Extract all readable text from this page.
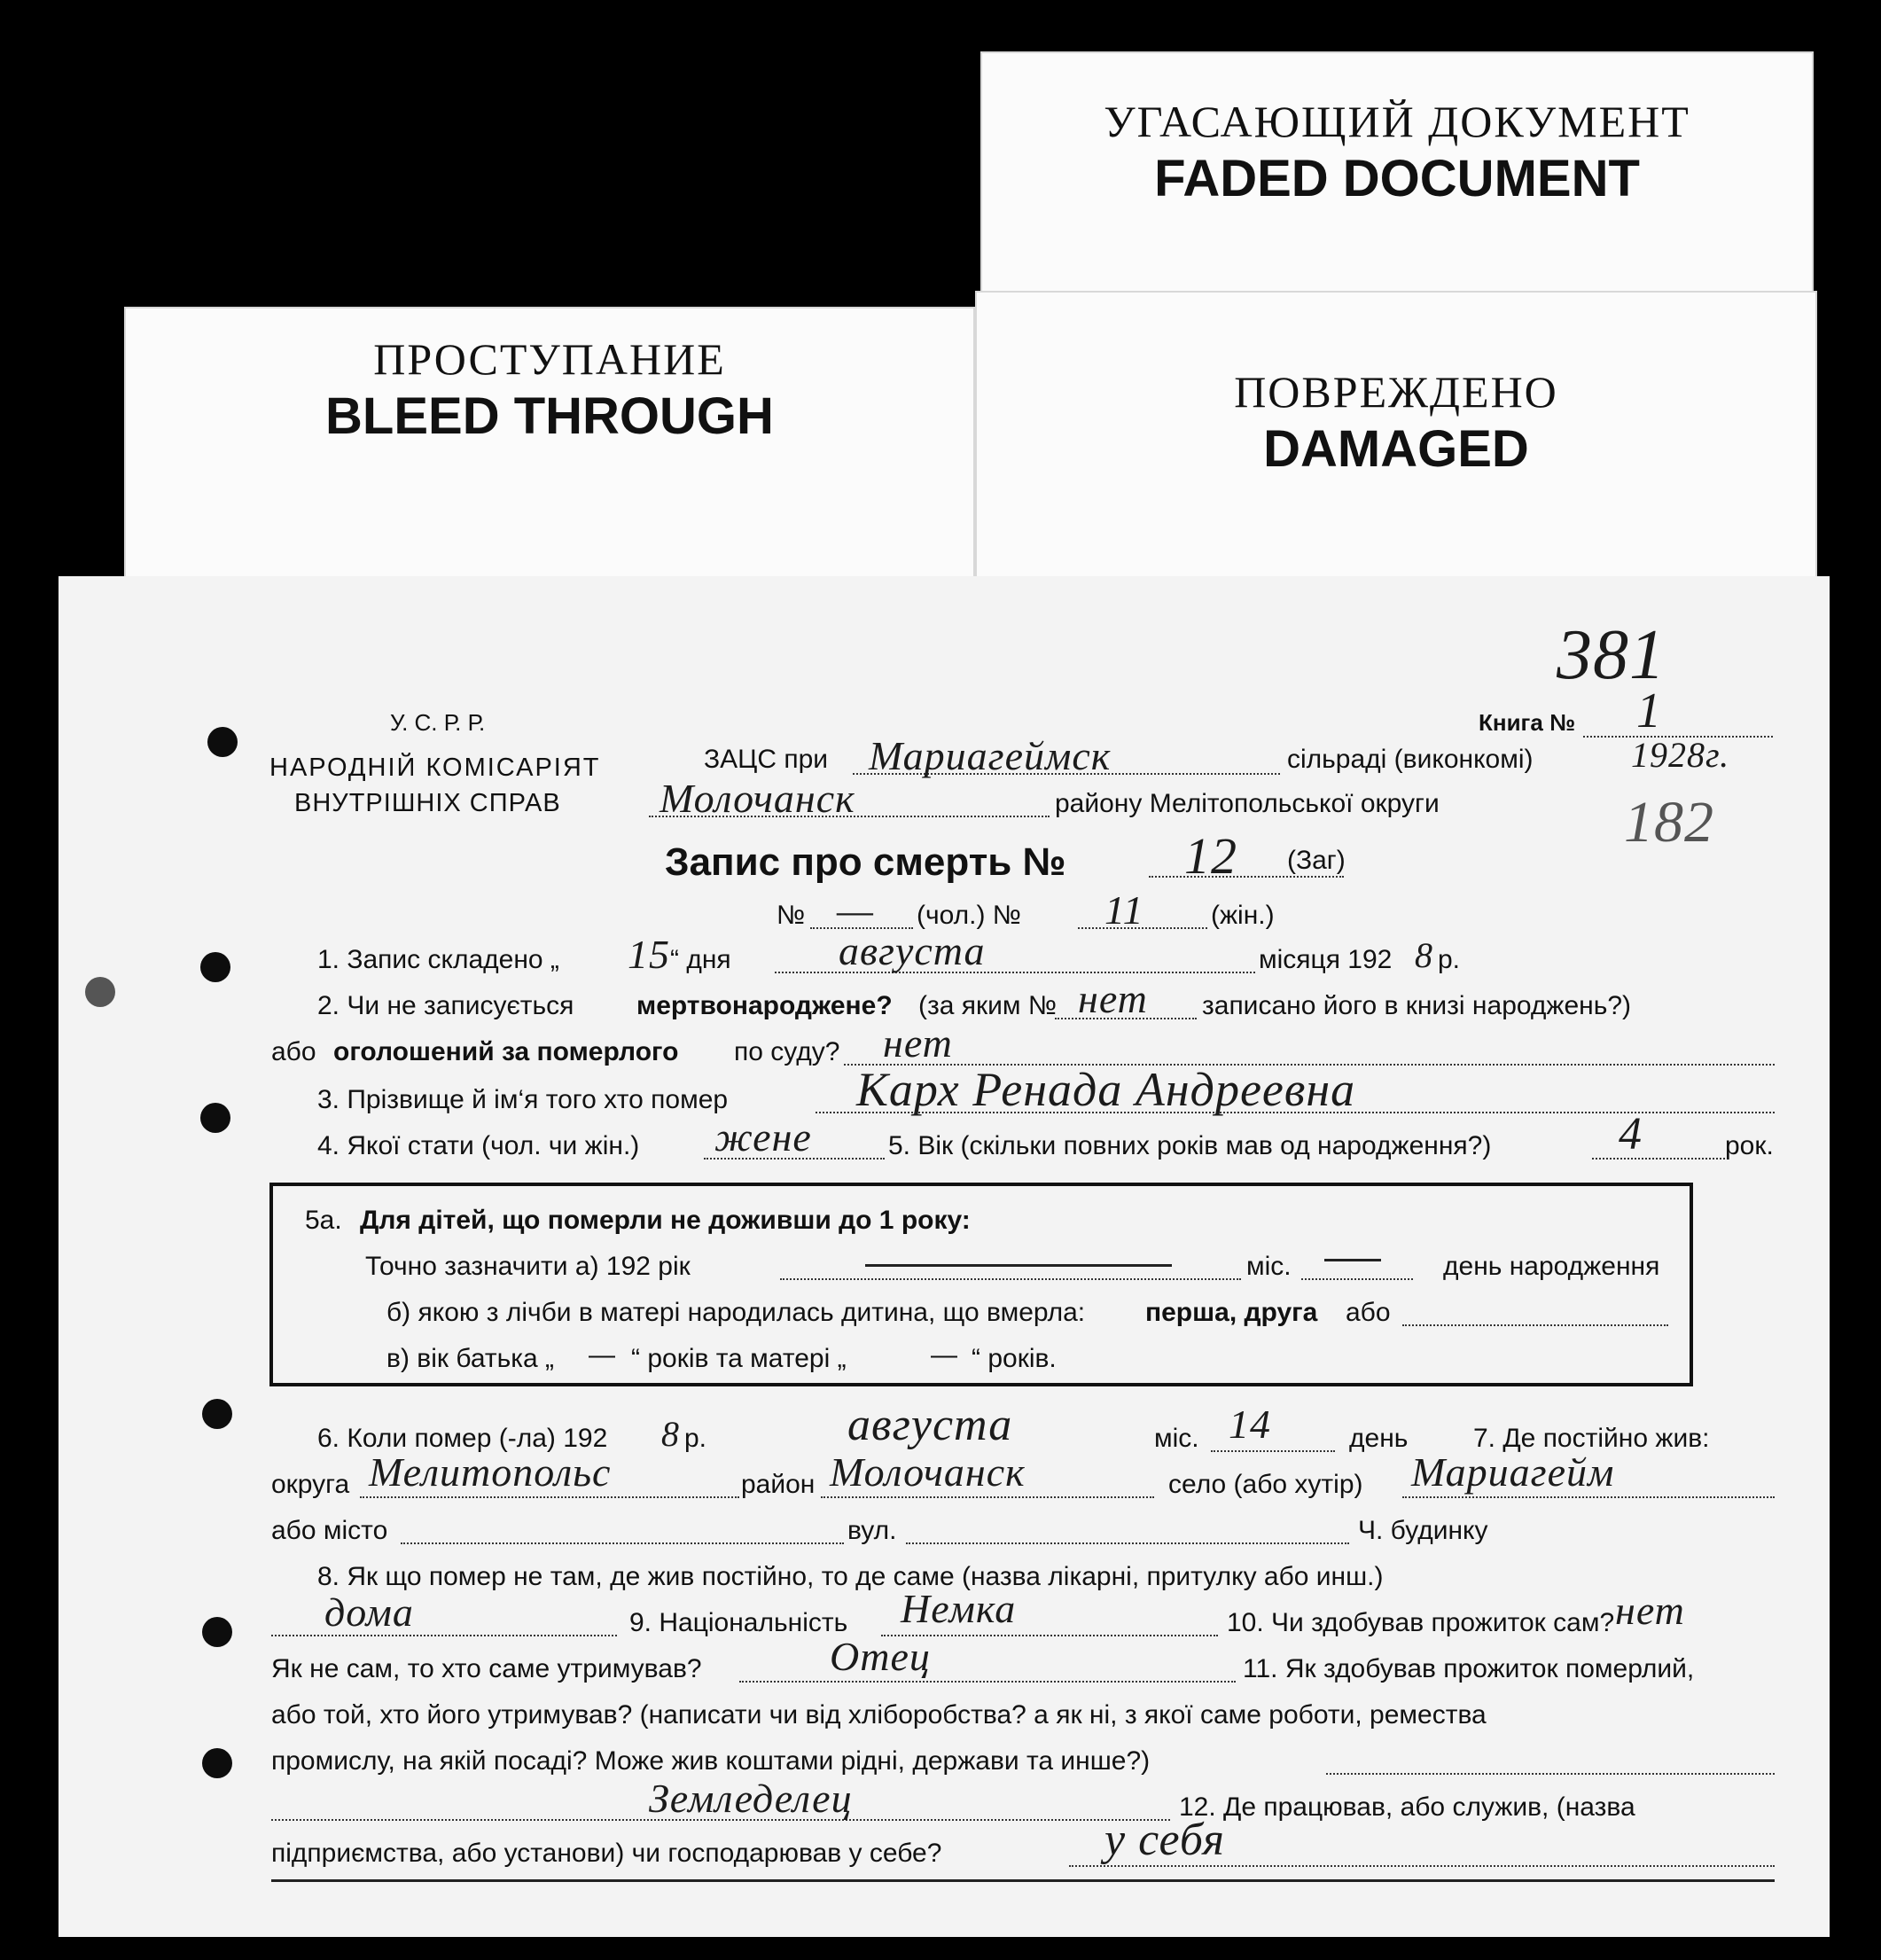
УГАСАЮЩИЙ ДОКУМЕНТ
FADED DOCUMENT
ПОВРЕЖДЕНО
DAMAGED
ПРОСТУПАНИЕ
BLEED THROUGH
У. С. Р. Р.
НАРОДНІЙ КОМІСАРІЯТ
ВНУТРІШНІХ СПРАВ
381
Книга № 1
1928г.
182
ЗАЦС при Мариагеймск	сільраді (виконкомі)
Молочанск	району Мелітопольської округи
Запис про смерть № 12 (Заг)
№ — (чол.) № 11	(жін.)
1. Запис складено „ 15 “ дня	августа	місяця 192 8 р.
2. Чи не записується мертвонароджене? (за яким № нет записано його в книзі народжень?)
або оголошений за померлого по суду? нет
3. Прізвище й ім‘я того хто помер	Карх Ренада Андреевна
4. Якої стати (чол. чи жін.) жене	5. Вік (скільки повних років мав од народження?)	4	рок.
5а. Для дітей, що померли не доживши до 1 року:
Точно зазначити а) 192 рік	міс.	день народження
б) якою з лічби в матері народилась дитина, що вмерла: перша, друга або
в) вік батька „ — “ років та матері „	— “ років.
6. Коли помер (-ла) 192 8 р.	августа	міс. 14	день 7. Де постійно жив:
округа Мелитопольс	район Молочанск	село (або хутір) Мариагейм
або місто	вул.	Ч. будинку
8. Як що помер не там, де жив постійно, то де саме (назва лікарні, притулку або инш.)
дома	9. Національність Немка	10. Чи здобував прожиток сам? нет
Як не сам, то хто саме утримував?	Отец	11. Як здобував прожиток померлий,
або той, хто його утримував? (написати чи від хліборобства? а як ні, з якої саме роботи, ремества
промислу, на якій посаді? Може жив коштами рідні, держави та инше?)
Земледелец	12. Де працював, або служив, (назва
підприємства, або установи) чи господарював у себе?	у себя
